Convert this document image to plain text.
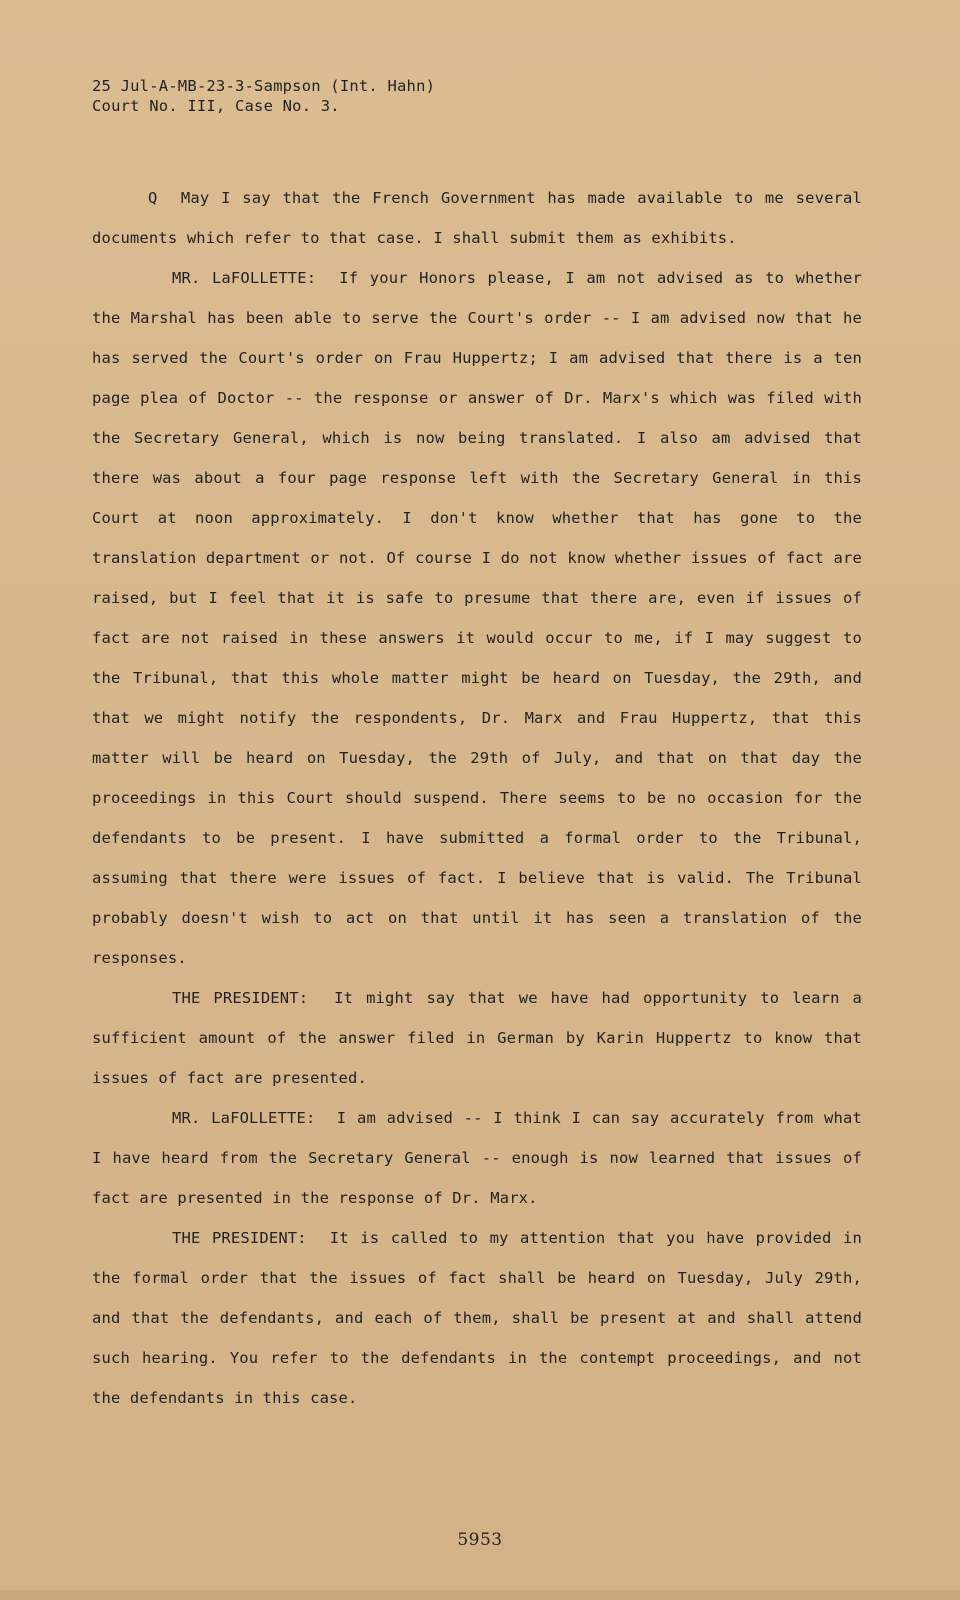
25 Jul-A-MB-23-3-Sampson (Int. Hahn)
Court No. III, Case No. 3.

Q May I say that the French Government has made available to me several documents which refer to that case. I shall submit them as exhibits.

MR. LaFOLLETTE: If your Honors please, I am not advised as to whether the Marshal has been able to serve the Court's order -- I am advised now that he has served the Court's order on Frau Huppertz; I am advised that there is a ten page plea of Doctor -- the response or answer of Dr. Marx's which was filed with the Secretary General, which is now being translated. I also am advised that there was about a four page response left with the Secretary General in this Court at noon approximately. I don't know whether that has gone to the translation department or not. Of course I do not know whether issues of fact are raised, but I feel that it is safe to presume that there are, even if issues of fact are not raised in these answers it would occur to me, if I may suggest to the Tribunal, that this whole matter might be heard on Tuesday, the 29th, and that we might notify the respondents, Dr. Marx and Frau Huppertz, that this matter will be heard on Tuesday, the 29th of July, and that on that day the proceedings in this Court should suspend. There seems to be no occasion for the defendants to be present. I have submitted a formal order to the Tribunal, assuming that there were issues of fact. I believe that is valid. The Tribunal probably doesn't wish to act on that until it has seen a translation of the responses.

THE PRESIDENT: It might say that we have had opportunity to learn a sufficient amount of the answer filed in German by Karin Huppertz to know that issues of fact are presented.

MR. LaFOLLETTE: I am advised -- I think I can say accurately from what I have heard from the Secretary General -- enough is now learned that issues of fact are presented in the response of Dr. Marx.

THE PRESIDENT: It is called to my attention that you have provided in the formal order that the issues of fact shall be heard on Tuesday, July 29th, and that the defendants, and each of them, shall be present at and shall attend such hearing. You refer to the defendants in the contempt proceedings, and not the defendants in this case.

5953
